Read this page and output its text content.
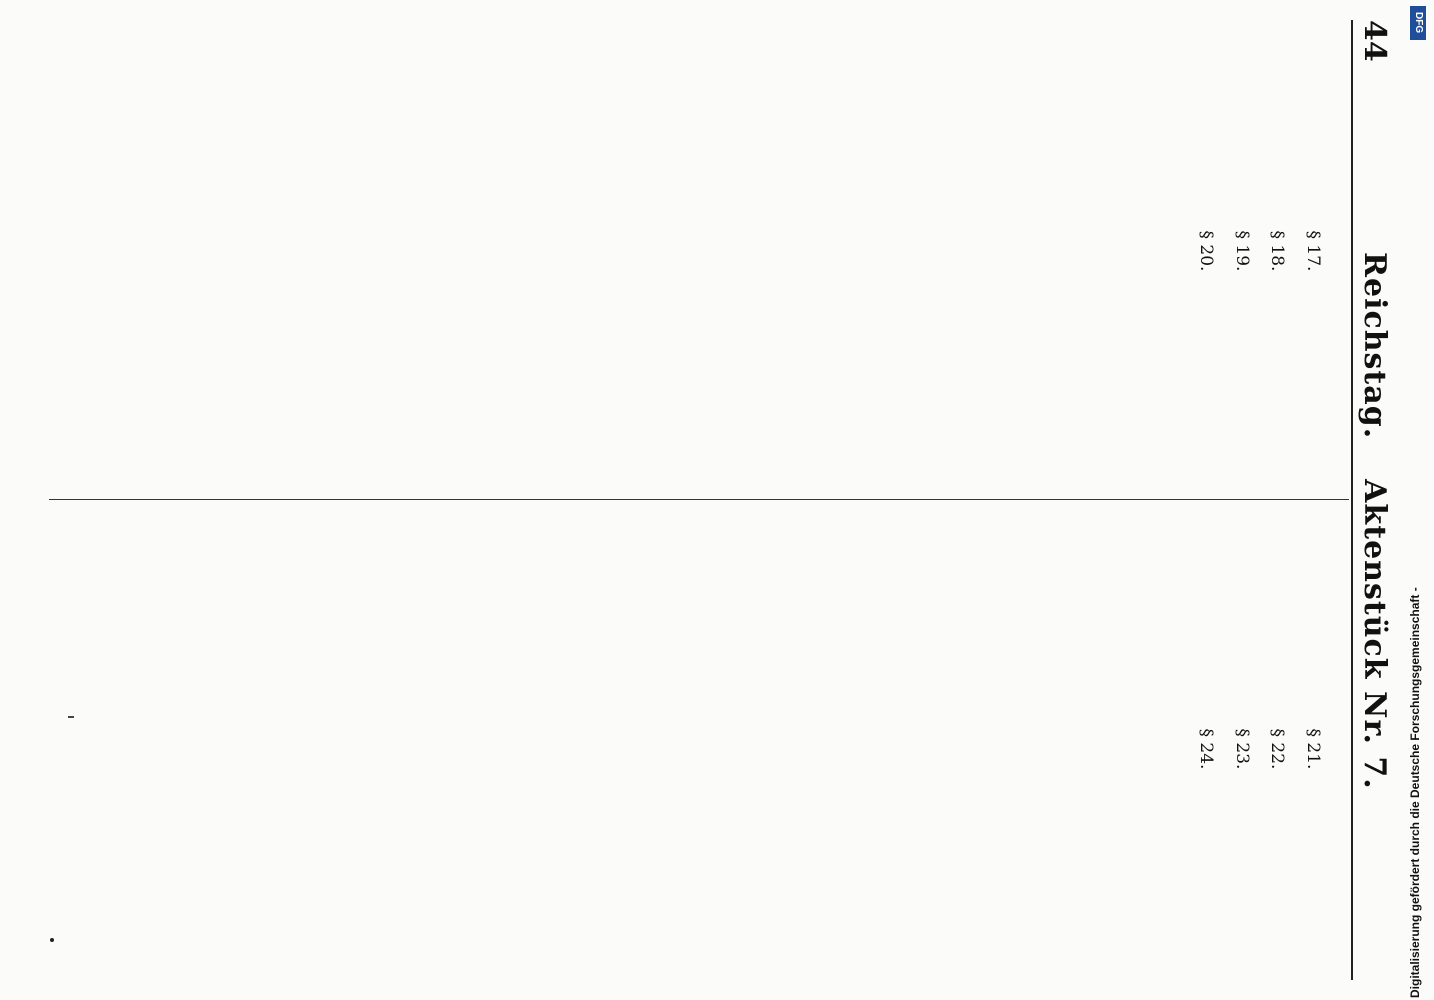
44
Reichstag.
Aktenstück Nr. 7.

§ 17.

§ 18.

§ 19.

§ 20.

§ 21.

§ 22.

§ 23.

§ 24.	Digitalisierung gefördert durch die Deutsche Forschungsgemeinschaft -
DFG
